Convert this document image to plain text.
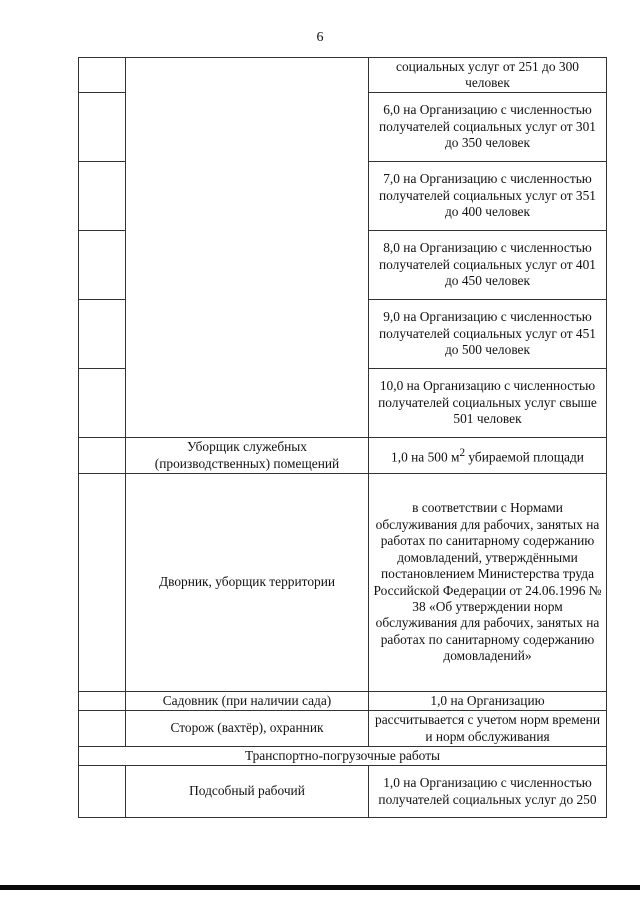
6
		социальных услуг от 251 до 300 человек
		6,0 на Организацию с численностью получателей социальных услуг от 301 до 350 человек
		7,0 на Организацию с численностью получателей социальных услуг от 351 до 400 человек
		8,0 на Организацию с численностью получателей социальных услуг от 401 до 450 человек
		9,0 на Организацию с численностью получателей социальных услуг от 451 до 500 человек
		10,0 на Организацию с численностью получателей социальных услуг свыше 501 человек
	Уборщик служебных (производственных) помещений	1,0 на 500 $м^2$ убираемой площади
	Дворник, уборщик территории	в соответствии с Нормами обслуживания для рабочих, занятых на работах по санитарному содержанию домовладений, утверждёнными постановлением Министерства труда Российской Федерации от 24.06.1996 № 38 «Об утверждении норм обслуживания для рабочих, занятых на работах по санитарному содержанию домовладений»
	Садовник (при наличии сада)	1,0 на Организацию
	Сторож (вахтёр), охранник	рассчитывается с учетом норм времени и норм обслуживания
Транспортно-погрузочные работы		
	Подсобный рабочий	1,0 на Организацию с численностью получателей социальных услуг до 250
